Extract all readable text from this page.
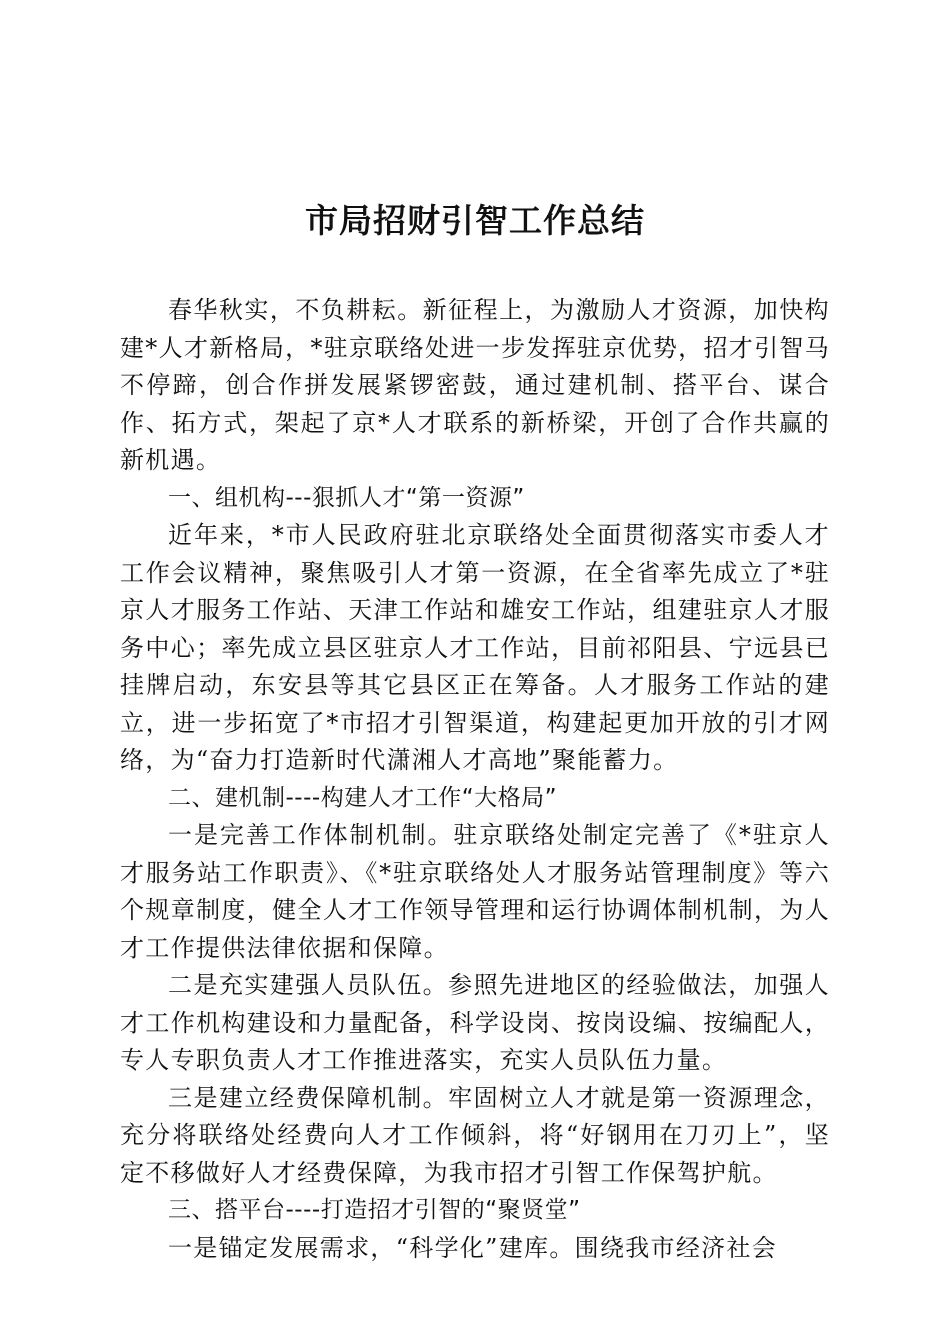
市局招财引智工作总结

春华秋实，不负耕耘。新征程上，为激励人才资源，加快构建*人才新格局，*驻京联络处进一步发挥驻京优势，招才引智马不停蹄，创合作拼发展紧锣密鼓，通过建机制、搭平台、谋合作、拓方式，架起了京*人才联系的新桥梁，开创了合作共赢的新机遇。

一、组机构---狠抓人才“第一资源”

近年来，*市人民政府驻北京联络处全面贯彻落实市委人才工作会议精神，聚焦吸引人才第一资源，在全省率先成立了*驻京人才服务工作站、天津工作站和雄安工作站，组建驻京人才服务中心；率先成立县区驻京人才工作站，目前祁阳县、宁远县已挂牌启动，东安县等其它县区正在筹备。人才服务工作站的建立，进一步拓宽了*市招才引智渠道，构建起更加开放的引才网络，为“奋力打造新时代潇湘人才高地”聚能蓄力。

二、建机制----构建人才工作“大格局”

一是完善工作体制机制。驻京联络处制定完善了《*驻京人才服务站工作职责》、《*驻京联络处人才服务站管理制度》等六个规章制度，健全人才工作领导管理和运行协调体制机制，为人才工作提供法律依据和保障。

二是充实建强人员队伍。参照先进地区的经验做法，加强人才工作机构建设和力量配备，科学设岗、按岗设编、按编配人，专人专职负责人才工作推进落实，充实人员队伍力量。

三是建立经费保障机制。牢固树立人才就是第一资源理念，充分将联络处经费向人才工作倾斜，将“好钢用在刀刃上”，坚定不移做好人才经费保障，为我市招才引智工作保驾护航。

三、搭平台----打造招才引智的“聚贤堂”

一是锚定发展需求，“科学化”建库。围绕我市经济社会
